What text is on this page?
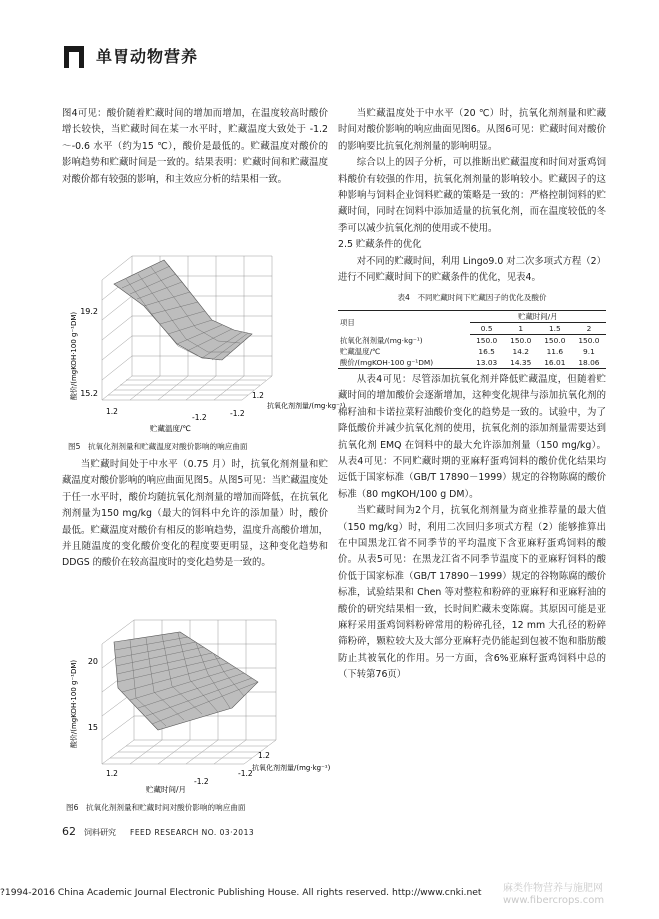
单胃动物营养

图4可见：酸价随着贮藏时间的增加而增加，在温度较高时酸价增长较快，当贮藏时间在某一水平时，贮藏温度大致处于 -1.2～-0.6 水平（约为15 ℃），酸价是最低的。贮藏温度对酸价的影响趋势和贮藏时间是一致的。结果表明：贮藏时间和贮藏温度对酸价都有较强的影响，和主效应分析的结果相一致。

19.2
15.2
酸价/(mgKOH·100 g⁻¹DM)
1.2
-1.2
贮藏温度/℃
1.2
-1.2
抗氧化剂剂量/(mg·kg⁻¹)
图5　抗氧化剂剂量和贮藏温度对酸价影响的响应曲面

当贮藏时间处于中水平（0.75 月）时，抗氧化剂剂量和贮藏温度对酸价影响的响应曲面见图5。从图5可见：当贮藏温度处于任一水平时，酸价均随抗氧化剂剂量的增加而降低，在抗氧化剂剂量为150 mg/kg（最大的饲料中允许的添加量）时，酸价最低。贮藏温度对酸价有相反的影响趋势，温度升高酸价增加，并且随温度的变化酸价变化的程度要更明显，这种变化趋势和 DDGS 的酸价在较高温度时的变化趋势是一致的。

20
15
酸价/(mgKOH·100 g⁻¹DM)
1.2
-1.2
贮藏时间/月
1.2
-1.2
抗氧化剂剂量/(mg·kg⁻¹)
图6　抗氧化剂剂量和贮藏时间对酸价影响的响应曲面

当贮藏温度处于中水平（20 ℃）时，抗氧化剂剂量和贮藏时间对酸价影响的响应曲面见图6。从图6可见：贮藏时间对酸价的影响要比抗氧化剂剂量的影响明显。

综合以上的因子分析，可以推断出贮藏温度和时间对蛋鸡饲料酸价有较强的作用，抗氧化剂剂量的影响较小。贮藏因子的这种影响与饲料企业饲料贮藏的策略是一致的：严格控制饲料的贮藏时间，同时在饲料中添加适量的抗氧化剂，而在温度较低的冬季可以减少抗氧化剂的使用或不使用。

2.5 贮藏条件的优化

对不同的贮藏时间，利用 Lingo9.0 对二次多项式方程（2）进行不同贮藏时间下的贮藏条件的优化，见表4。

表4　不同贮藏时间下贮藏因子的优化及酸价
项目	贮藏时间/月			
	0.5	1	1.5	2
抗氧化剂剂量/(mg·kg⁻¹)	150.0	150.0	150.0	150.0
贮藏温度/℃	16.5	14.2	11.6	9.1
酸价/(mgKOH·100 g⁻¹DM)	13.03	14.35	16.01	18.06

从表4可见：尽管添加抗氧化剂并降低贮藏温度，但随着贮藏时间的增加酸价会逐渐增加，这种变化规律与添加抗氧化剂的棉籽油和卡诺拉菜籽油酸价变化的趋势是一致的。试验中，为了降低酸价并减少抗氧化剂的使用，抗氧化剂的添加剂量需要达到抗氧化剂 EMQ 在饲料中的最大允许添加剂量（150 mg/kg）。从表4可见：不同贮藏时期的亚麻籽蛋鸡饲料的酸价优化结果均远低于国家标准（GB/T 17890－1999）规定的谷物陈腐的酸价标准（80 mgKOH/100 g DM）。

当贮藏时间为2个月，抗氧化剂剂量为商业推荐量的最大值（150 mg/kg）时，利用二次回归多项式方程（2）能够推算出在中国黑龙江省不同季节的平均温度下含亚麻籽蛋鸡饲料的酸价。从表5可见：在黑龙江省不同季节温度下的亚麻籽饲料的酸价低于国家标准（GB/T 17890－1999）规定的谷物陈腐的酸价标准，试验结果和 Chen 等对整粒和粉碎的亚麻籽和亚麻籽油的酸价的研究结果相一致，长时间贮藏未变陈腐。其原因可能是亚麻籽采用蛋鸡饲料粉碎常用的粉碎孔径，12 mm 大孔径的粉碎筛粉碎，颗粒较大及大部分亚麻籽壳仍能起到包被不饱和脂肪酸防止其被氧化的作用。另一方面，含6%亚麻籽蛋鸡饲料中总的（下转第76页）

62 饲料研究 FEED RESEARCH NO. 03·2013
?1994-2016 China Academic Journal Electronic Publishing House. All rights reserved. http://www.cnki.net	麻类作物营养与施肥网
www.fibercrops.com
